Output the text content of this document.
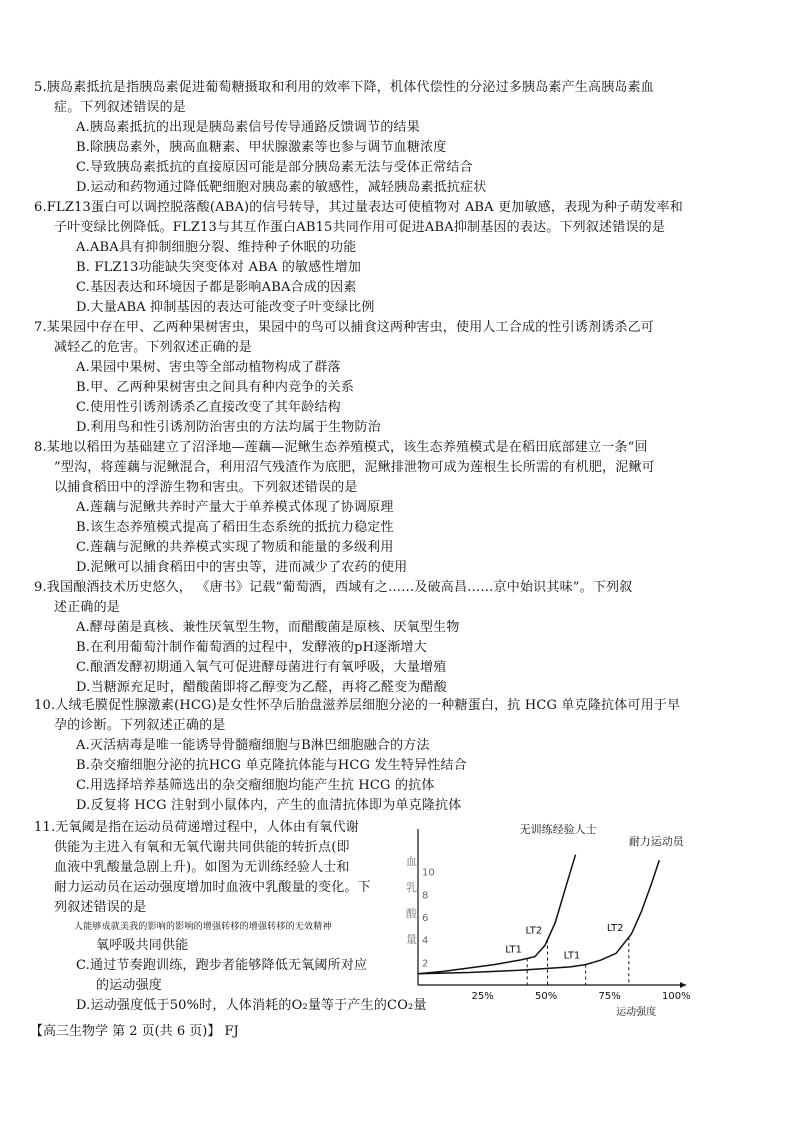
5.胰岛素抵抗是指胰岛素促进葡萄糖摄取和利用的效率下降，机体代偿性的分泌过多胰岛素产生高胰岛素血
症。下列叙述错误的是
A.胰岛素抵抗的出现是胰岛素信号传导通路反馈调节的结果
B.除胰岛素外，胰高血糖素、甲状腺激素等也参与调节血糖浓度
C.导致胰岛素抵抗的直接原因可能是部分胰岛素无法与受体正常结合
D.运动和药物通过降低靶细胞对胰岛素的敏感性，减轻胰岛素抵抗症状
6.FLZ13蛋白可以调控脱落酸(ABA)的信号转导，其过量表达可使植物对 ABA 更加敏感，表现为种子萌发率和
子叶变绿比例降低。FLZ13与其互作蛋白AB15共同作用可促进ABA抑制基因的表达。下列叙述错误的是
A.ABA具有抑制细胞分裂、维持种子休眠的功能
B. FLZ13功能缺失突变体对 ABA 的敏感性增加
C.基因表达和环境因子都是影响ABA合成的因素
D.大量ABA 抑制基因的表达可能改变子叶变绿比例
7.某果园中存在甲、乙两种果树害虫，果园中的鸟可以捕食这两种害虫，使用人工合成的性引诱剂诱杀乙可
减轻乙的危害。下列叙述正确的是
A.果园中果树、害虫等全部动植物构成了群落
B.甲、乙两种果树害虫之间具有种内竞争的关系
C.使用性引诱剂诱杀乙直接改变了其年龄结构
D.利用鸟和性引诱剂防治害虫的方法均属于生物防治
8.某地以稻田为基础建立了沼泽地—莲藕—泥鳅生态养殖模式，该生态养殖模式是在稻田底部建立一条“回
”型沟，将莲藕与泥鳅混合，利用沼气残渣作为底肥，泥鳅排泄物可成为莲根生长所需的有机肥，泥鳅可
以捕食稻田中的浮游生物和害虫。下列叙述错误的是
A.莲藕与泥鳅共养时产量大于单养模式体现了协调原理
B.该生态养殖模式提高了稻田生态系统的抵抗力稳定性
C.莲藕与泥鳅的共养模式实现了物质和能量的多级利用
D.泥鳅可以捕食稻田中的害虫等，进而减少了农药的使用
9.我国酿酒技术历史悠久， 《唐书》记载“葡萄酒，西域有之……及破高昌……京中始识其味”。下列叙
述正确的是
A.酵母菌是真核、兼性厌氧型生物，而醋酸菌是原核、厌氧型生物
B.在利用葡萄汁制作葡萄酒的过程中，发酵液的pH逐渐增大
C.酿酒发酵初期通入氧气可促进酵母菌进行有氧呼吸，大量增殖
D.当糖源充足时，醋酸菌即将乙醇变为乙醛，再将乙醛变为醋酸
10.人绒毛膜促性腺激素(HCG)是女性怀孕后胎盘滋养层细胞分泌的一种糖蛋白，抗 HCG 单克隆抗体可用于早
孕的诊断。下列叙述正确的是
A.灭活病毒是唯一能诱导骨髓瘤细胞与B淋巴细胞融合的方法
B.杂交瘤细胞分泌的抗HCG 单克隆抗体能与HCG 发生特异性结合
C.用选择培养基筛选出的杂交瘤细胞均能产生抗 HCG 的抗体
D.反复将 HCG 注射到小鼠体内，产生的血清抗体即为单克隆抗体
11.无氧阈是指在运动员荷递增过程中，人体由有氧代谢
供能为主进入有氧和无氧代谢共同供能的转折点(即
血液中乳酸量急剧上升)。如图为无训练经验人士和
耐力运动员在运动强度增加时血液中乳酸量的变化。下
列叙述错误的是
人能够成就美我的影响的影响的增强转移的增强转移的无效精神
氧呼吸共同供能
C.通过节奏跑训练，跑步者能够降低无氧阈所对应
的运动强度
D.运动强度低于50%时，人体消耗的O₂量等于产生的CO₂量
10
8
6
4
2
血
乳
酸
量
25%	50%	75%	100%
运动强度
无训练经验人士
耐力运动员
LT1
LT2
LT1
LT2
【高三生物学 第 2 页(共 6 页)】 FJ
